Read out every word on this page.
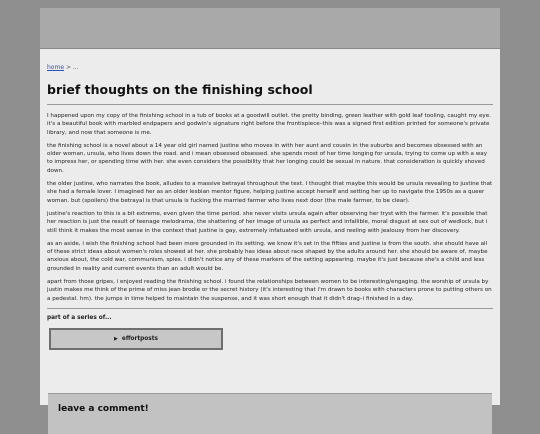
home > ...
brief thoughts on the finishing school

I happened upon my copy of the finishing school in a tub of books at a goodwill outlet. the pretty binding, green leather with gold leaf tooling, caught my eye. it's a beautiful book with marbled endpapers and godwin's signature right before the frontispiece–this was a signed first edition printed for someone's private library, and now that someone is me.

the finishing school is a novel about a 14 year old girl named justine who moves in with her aunt and cousin in the suburbs and becomes obsessed with an older woman, ursula, who lives down the road. and i mean obsessed obsessed. she spends most of her time longing for ursula, trying to come up with a way to impress her, or spending time with her. she even considers the possibility that her longing could be sexual in nature. that consideration is quickly shoved down.

the older justine, who narrates the book, alludes to a massive betrayal throughout the text. I thought that maybe this would be ursula revealing to justine that she had a female lover. I imagined her as an older lesbian mentor figure, helping justine accept herself and setting her up to navigate the 1950s as a queer woman. but (spoilers) the betrayal is that ursula is fucking the married farmer who lives next door (the male farmer, to be clear).

justine's reaction to this is a bit extreme, even given the time period. she never visits ursula again after observing her tryst with the farmer. it's possible that her reaction is just the result of teenage melodrama, the shattering of her image of ursula as perfect and infallible, moral disgust at sex out of wedlock, but i still think it makes the most sense in the context that justine is gay, extremely infatuated with ursula, and reeling with jealousy from her discovery.

as an aside, i wish the finishing school had been more grounded in its setting. we know it's set in the fifties and justine is from the south. she should have all of these strict ideas about women's roles showed at her. she probably has ideas about race shaped by the adults around her. she should be aware of, maybe anxious about, the cold war, communism, spies. i didn't notice any of these markers of the setting appearing. maybe it's just because she's a child and less grounded in reality and current events than an adult would be.

apart from those gripes, i enjoyed reading the finishing school. i found the relationships between women to be interesting/engaging. the worship of ursula by justin makes me think of the prime of miss jean brodie or the secret history (it's interesting that i'm drawn to books with characters prone to putting others on a pedestal. hm). the jumps in time helped to maintain the suspense, and it was short enough that it didn't drag–i finished in a day.

part of a series of...
▶ effortposts
leave a comment!
